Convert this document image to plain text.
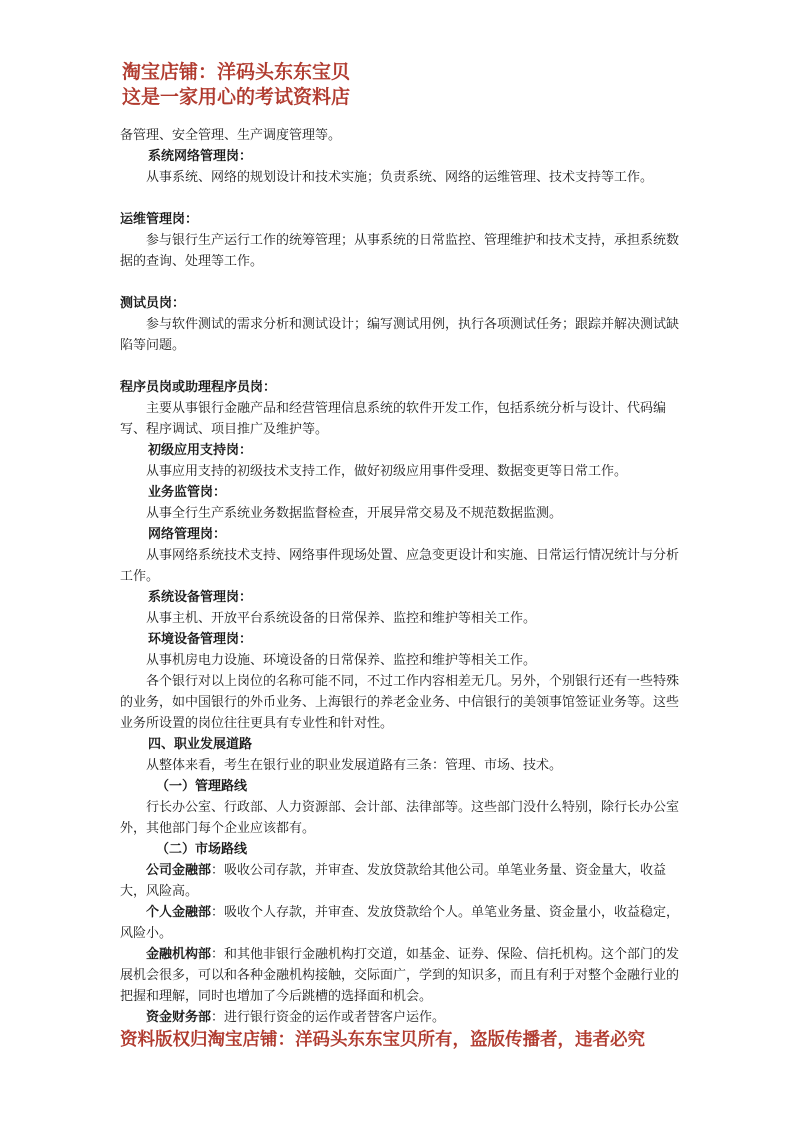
淘宝店铺：洋码头东东宝贝
这是一家用心的考试资料店

备管理、安全管理、生产调度管理等。

系统网络管理岗：

从事系统、网络的规划设计和技术实施；负责系统、网络的运维管理、技术支持等工作。

运维管理岗：

参与银行生产运行工作的统筹管理；从事系统的日常监控、管理维护和技术支持，承担系统数据的查询、处理等工作。

测试员岗：

参与软件测试的需求分析和测试设计；编写测试用例，执行各项测试任务；跟踪并解决测试缺陷等问题。

程序员岗或助理程序员岗：

主要从事银行金融产品和经营管理信息系统的软件开发工作，包括系统分析与设计、代码编写、程序调试、项目推广及维护等。

初级应用支持岗：

从事应用支持的初级技术支持工作，做好初级应用事件受理、数据变更等日常工作。

业务监管岗：

从事全行生产系统业务数据监督检查，开展异常交易及不规范数据监测。

网络管理岗：

从事网络系统技术支持、网络事件现场处置、应急变更设计和实施、日常运行情况统计与分析工作。

系统设备管理岗：

从事主机、开放平台系统设备的日常保养、监控和维护等相关工作。

环境设备管理岗：

从事机房电力设施、环境设备的日常保养、监控和维护等相关工作。

各个银行对以上岗位的名称可能不同，不过工作内容相差无几。另外，个别银行还有一些特殊的业务，如中国银行的外币业务、上海银行的养老金业务、中信银行的美领事馆签证业务等。这些业务所设置的岗位往往更具有专业性和针对性。

四、职业发展道路

从整体来看，考生在银行业的职业发展道路有三条：管理、市场、技术。

（一）管理路线

行长办公室、行政部、人力资源部、会计部、法律部等。这些部门没什么特别，除行长办公室外，其他部门每个企业应该都有。

（二）市场路线

公司金融部：吸收公司存款，并审查、发放贷款给其他公司。单笔业务量、资金量大，收益大，风险高。

个人金融部：吸收个人存款，并审查、发放贷款给个人。单笔业务量、资金量小，收益稳定，风险小。

金融机构部：和其他非银行金融机构打交道，如基金、证券、保险、信托机构。这个部门的发展机会很多，可以和各种金融机构接触，交际面广，学到的知识多，而且有利于对整个金融行业的把握和理解，同时也增加了今后跳槽的选择面和机会。

资金财务部：进行银行资金的运作或者替客户运作。

资料版权归淘宝店铺：洋码头东东宝贝所有，盗版传播者，违者必究
